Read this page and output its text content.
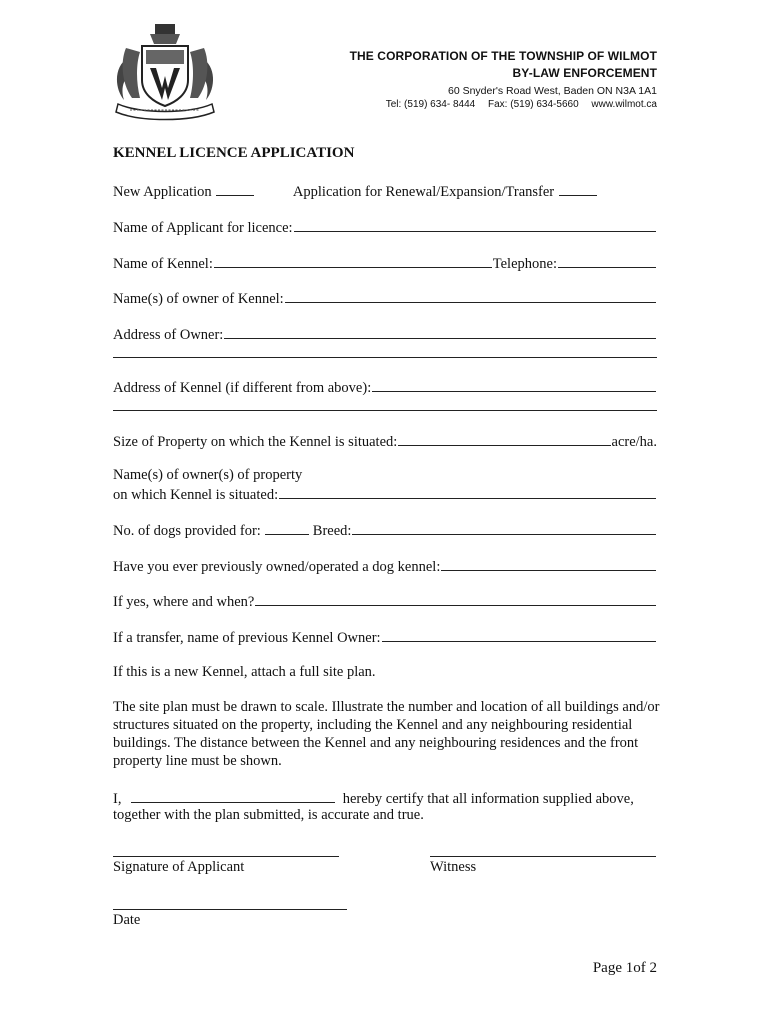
THE CORPORATION OF THE TOWNSHIP OF WILMOT
BY-LAW ENFORCEMENT
60 Snyder's Road West, Baden ON N3A 1A1
Tel: (519) 634- 8444 Fax: (519) 634-5660 www.wilmot.ca
KENNEL LICENCE APPLICATION
New Application	Application for Renewal/Expansion/Transfer
Name of Applicant for licence:
Name of Kennel:	Telephone:
Name(s) of owner of Kennel:
Address of Owner:
Address of Kennel (if different from above):
Size of Property on which the Kennel is situated:	acre/ha.
Name(s) of owner(s) of property
on which Kennel is situated:
No. of dogs provided for:	Breed:
Have you ever previously owned/operated a dog kennel:
If yes, where and when?
If a transfer, name of previous Kennel Owner:
If this is a new Kennel, attach a full site plan.
The site plan must be drawn to scale. Illustrate the number and location of all buildings and/or structures situated on the property, including the Kennel and any neighbouring residential buildings. The distance between the Kennel and any neighbouring residences and the front property line must be shown.
I,	hereby certify that all information supplied above,
together with the plan submitted, is accurate and true.
Signature of Applicant	Witness
Date
Page 1of 2
